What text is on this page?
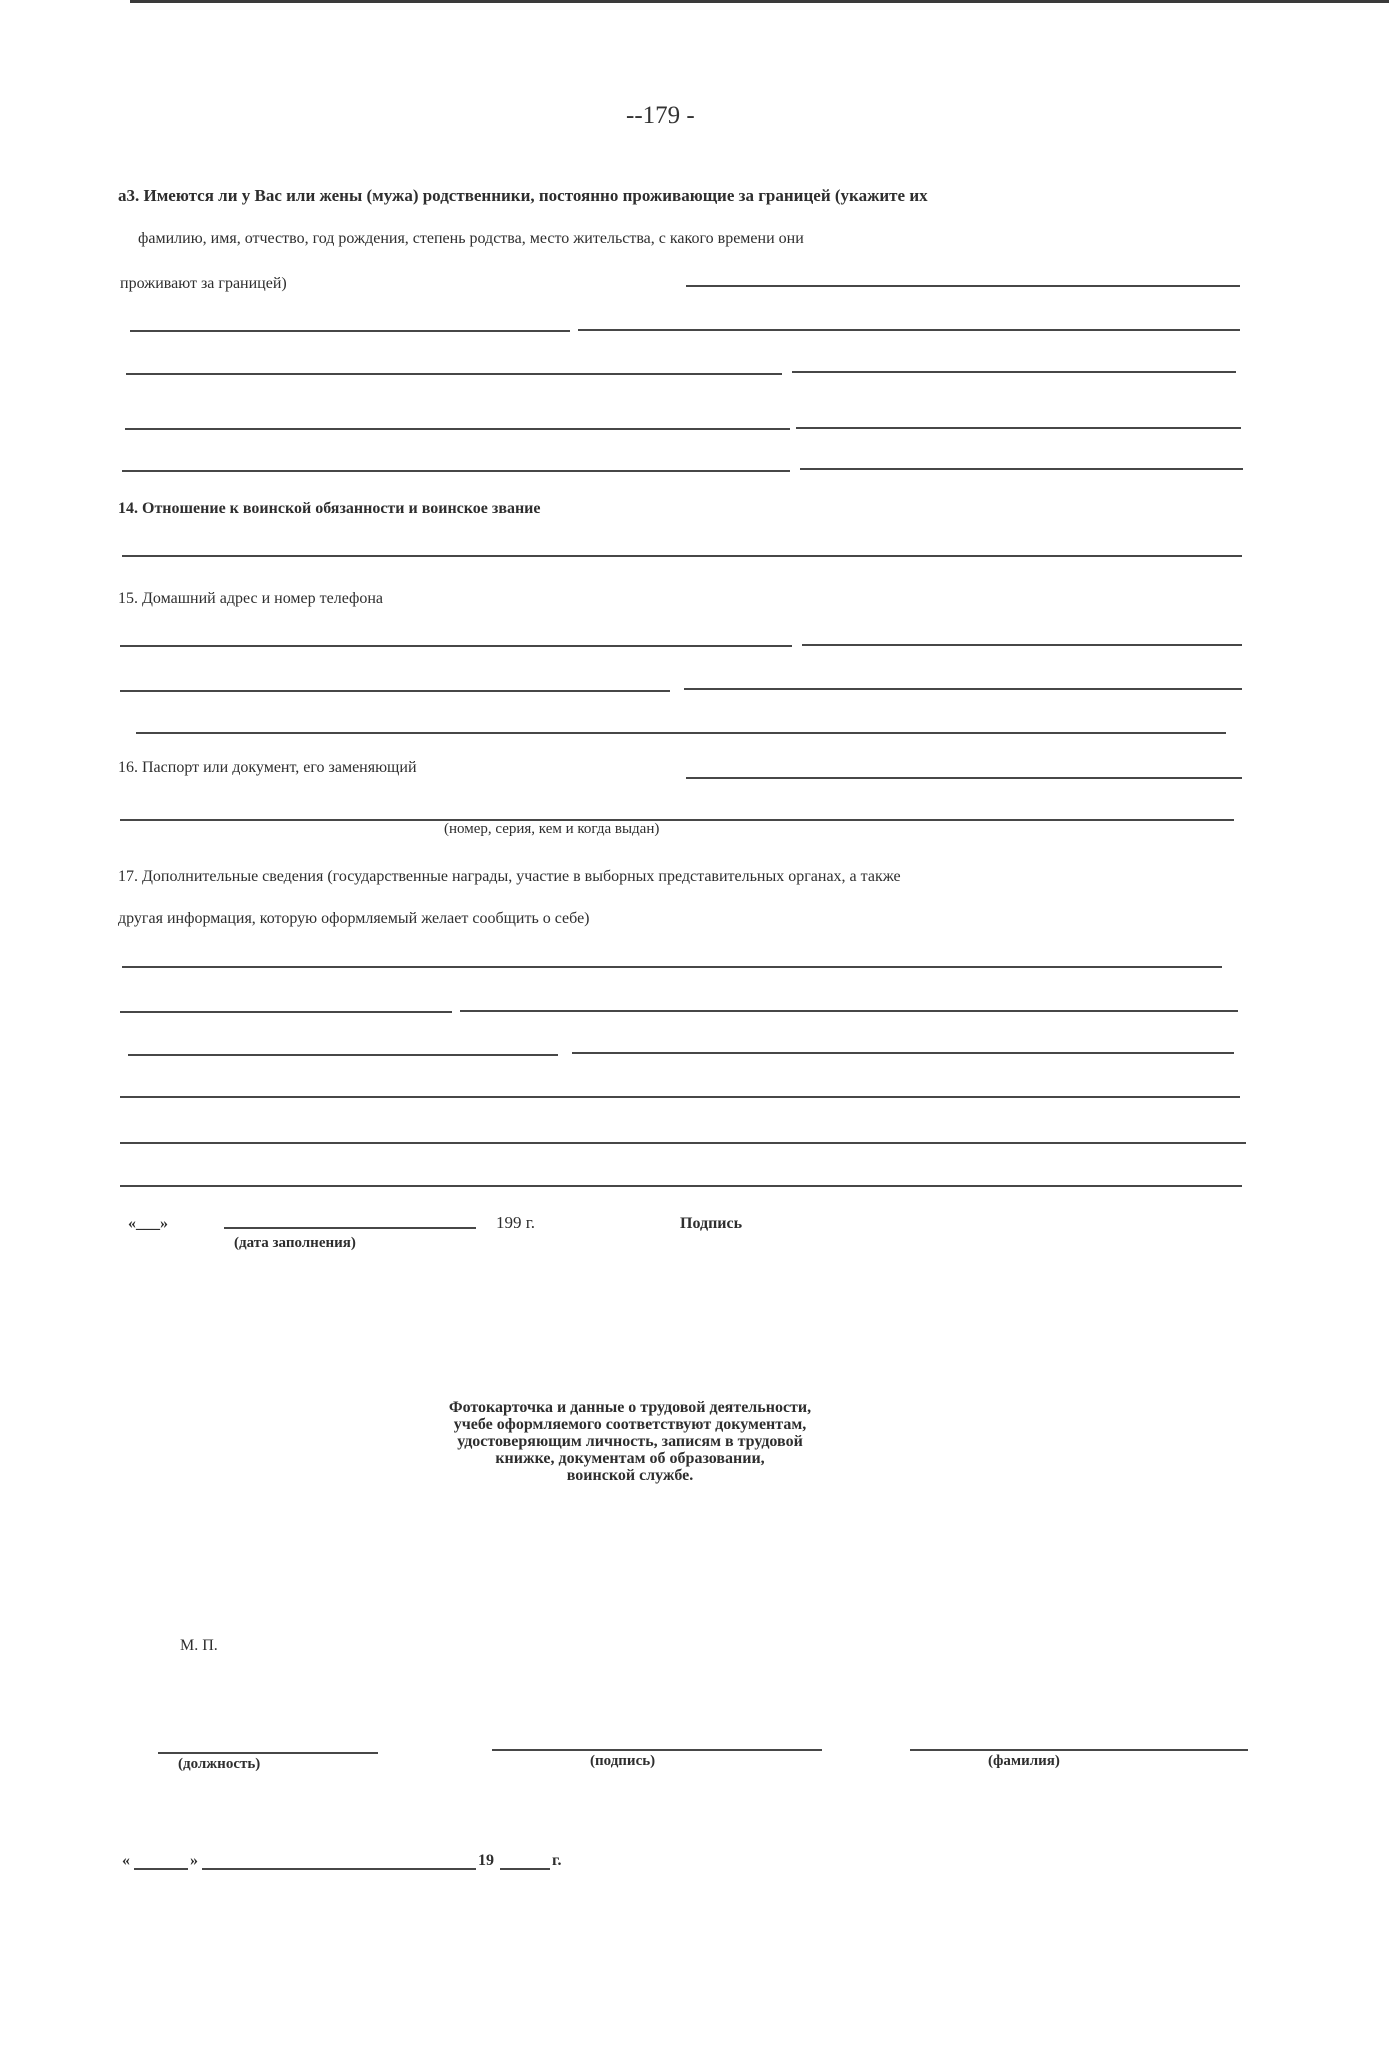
--179 -
а3. Имеются ли у Вас или жены (мужа) родственники, постоянно проживающие за границей (укажите их
фамилию, имя, отчество, год рождения, степень родства, место жительства, с какого времени они
проживают за границей)
14. Отношение к воинской обязанности и воинское звание
15. Домашний адрес и номер телефона
16. Паспорт или документ, его заменяющий
(номер, серия, кем и когда выдан)
17. Дополнительные сведения (государственные награды, участие в выборных представительных органах, а также
другая информация, которую оформляемый желает сообщить о себе)
«___»	199 г.
(дата заполнения)
Подпись
Фотокарточка и данные о трудовой деятельности,
учебе оформляемого соответствуют документам,
удостоверяющим личность, записям в трудовой
книжке, документам об образовании,
воинской службе.
М. П.
(должность)	(подпись)	(фамилия)
«	»	19	г.
